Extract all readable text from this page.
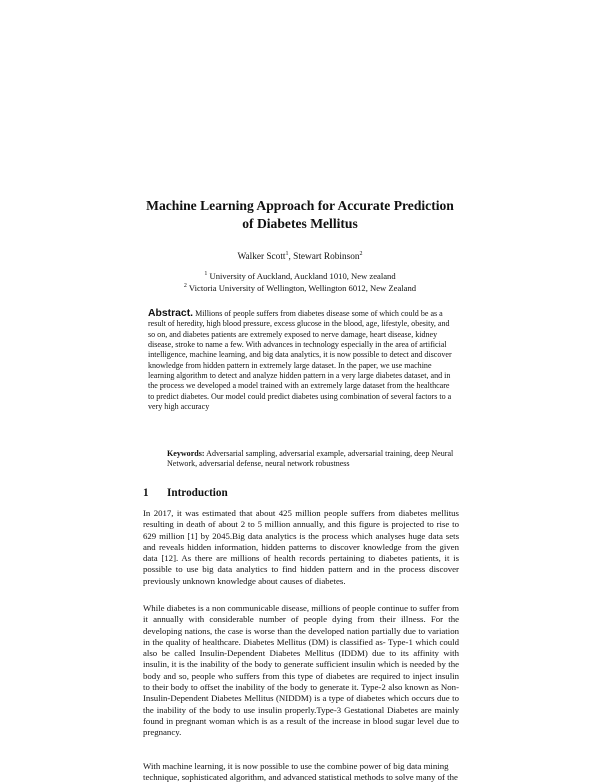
Machine Learning Approach for Accurate Prediction
of Diabetes Mellitus
Walker Scott$^1$, Stewart Robinson$^2$
$^1$ University of Auckland, Auckland 1010, New zealand
$^2$ Victoria University of Wellington, Wellington 6012, New Zealand
Abstract. Millions of people suffers from diabetes disease some of which could be as a result of heredity, high blood pressure, excess glucose in the blood, age, lifestyle, obesity, and so on, and diabetes patients are extremely exposed to nerve damage, heart disease, kidney disease, stroke to name a few. With advances in technology especially in the area of artificial intelligence, machine learning, and big data analytics, it is now possible to detect and discover knowledge from hidden pattern in extremely large dataset. In the paper, we use machine learning algorithm to detect and analyze hidden pattern in a very large diabetes dataset, and in the process we developed a model trained with an extremely large dataset from the healthcare to predict diabetes. Our model could predict diabetes using combination of several factors to a very high accuracy
Keywords: Adversarial sampling, adversarial example, adversarial training, deep Neural Network, adversarial defense, neural network robustness
1 Introduction
In 2017, it was estimated that about 425 million people suffers from diabetes mellitus resulting in death of about 2 to 5 million annually, and this figure is projected to rise to 629 million [1] by 2045.Big data analytics is the process which analyses huge data sets and reveals hidden information, hidden patterns to discover knowledge from the given data [12]. As there are millions of health records pertaining to diabetes patients, it is possible to use big data analytics to find hidden pattern and in the process discover previously unknown knowledge about causes of diabetes.
While diabetes is a non communicable disease, millions of people continue to suffer from it annually with considerable number of people dying from their illness. For the developing nations, the case is worse than the developed nation partially due to variation in the quality of healthcare. Diabetes Mellitus (DM) is classified as- Type-1 which could also be called Insulin-Dependent Diabetes Mellitus (IDDM) due to its affinity with insulin, it is the inability of the body to generate sufficient insulin which is needed by the body and so, people who suffers from this type of diabetes are required to inject insulin to their body to offset the inability of the body to generate it. Type-2 also known as Non-Insulin-Dependent Diabetes Mellitus (NIDDM) is a type of diabetes which occurs due to the inability of the body to use insulin properly.Type-3 Gestational Diabetes are mainly found in pregnant woman which is as a result of the increase in blood sugar level due to pregnancy.
With machine learning, it is now possible to use the combine power of big data mining
technique, sophisticated algorithm, and advanced statistical methods to solve many of the
